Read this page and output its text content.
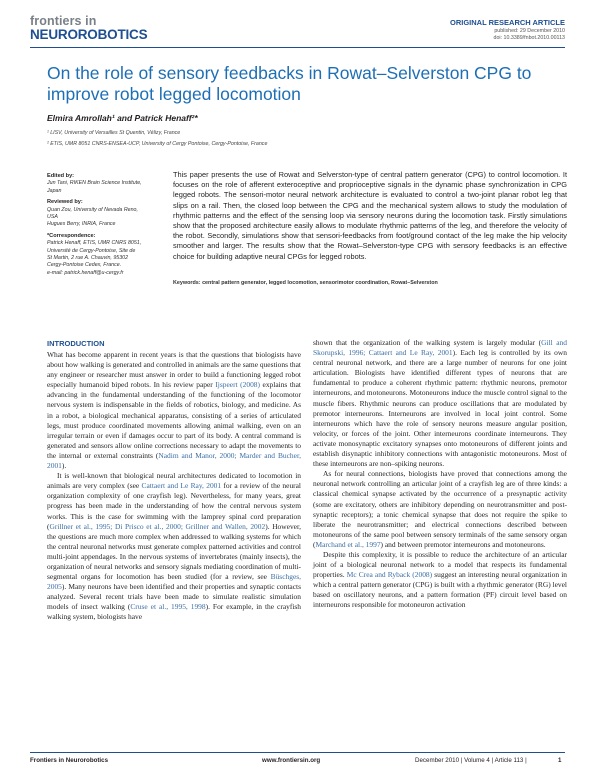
frontiers in
NEUROROBOTICS
ORIGINAL RESEARCH ARTICLE
published: 29 December 2010
doi: 10.3389/fnbot.2010.00113
On the role of sensory feedbacks in Rowat–Selverston CPG to
improve robot legged locomotion
Elmira Amrollah¹ and Patrick Henaff²*
¹ LISV, University of Versailles St Quentin, Vélizy, France
² ETIS, UMR 8051 CNRS-ENSEA-UCP, University of Cergy Pontoise, Cergy-Pontoise, France
Edited by:
Jun Tani, RIKEN Brain Science Institute,
Japan
Reviewed by:
Quan Zou, University of Nevada Reno,
USA
Hugues Berry, INRIA, France
*Correspondence:
Patrick Henaff, ETIS, UMR CNRS 8051,
Université de Cergy-Pontoise, Site de
St Martin, 2 rue A. Chauvin, 95302
Cergy-Pontoise Cedex, France.
e-mail: patrick.henaff@u-cergy.fr
This paper presents the use of Rowat and Selverston-type of central pattern generator (CPG) to control locomotion. It focuses on the role of afferent exteroceptive and proprioceptive signals in the dynamic phase synchronization in CPG legged robots. The sensori-motor neural network architecture is evaluated to control a two-joint planar robot leg that slips on a rail. Then, the closed loop between the CPG and the mechanical system allows to study the modulation of rhythmic patterns and the effect of the sensing loop via sensory neurons during the locomotion task. Firstly simulations show that the proposed architecture easily allows to modulate rhythmic patterns of the leg, and therefore the velocity of the robot. Secondly, simulations show that sensori-feedbacks from foot/ground contact of the leg make the hip velocity smoother and larger. The results show that the Rowat–Selverston-type CPG with sensory feedbacks is an effective choice for building adaptive neural CPGs for legged robots.
Keywords: central pattern generator, legged locomotion, sensorimotor coordination, Rowat–Selverston
INTRODUCTION

What has become apparent in recent years is that the questions that biologists have about how walking is generated and controlled in animals are the same questions that any engineer or researcher must answer in order to build a functioning legged robot especially humanoid biped robots. In his review paper Ijspeert (2008) explains that advancing in the fundamental understanding of the functioning of the locomotor nervous system is indispensable in the fields of robotics, biology, and medicine. As in a robot, a biological mechanical apparatus, consisting of a series of articulated legs, must produce coordinated movements allowing animal walking, even on an irregular terrain or even if damages occur to part of its body. A central command is generated and sensors allow online corrections necessary to adapt the movements to the internal or external constraints (Nadim and Manor, 2000; Marder and Bucher, 2001).

It is well-known that biological neural architectures dedicated to locomotion in animals are very complex (see Cattaert and Le Ray, 2001 for a review of the neural organization complexity of one crayfish leg). Nevertheless, for many years, great progress has been made in the understanding of how the central nervous system works. This is the case for swimming with the lamprey spinal cord preparation (Grillner et al., 1995; Di Prisco et al., 2000; Grillner and Wallen, 2002). However, the questions are much more complex when addressed to walking systems for which the central neuronal networks must generate complex patterned activities and control multi-joint appendages. In the nervous systems of invertebrates (mainly insects), the organization of neural networks and sensory signals mediating coordination of multi-segmental organs for locomotion has been studied (for a review, see Büschges, 2005). Many neurons have been identified and their properties and synaptic contacts analyzed. Several recent trials have been made to simulate realistic simulation models of insect walking (Cruse et al., 1995, 1998). For example, in the crayfish walking system, biologists have

shown that the organization of the walking system is largely modular (Gill and Skorupski, 1996; Cattaert and Le Ray, 2001). Each leg is controlled by its own central neuronal network, and there are a large number of neurons for one joint articulation. Biologists have identified different types of neurons that are fundamental to produce a coherent rhythmic pattern: rhythmic neurons, premotor interneurons, and motoneurons. Motoneurons induce the muscle control signal to the muscle fibers. Rhythmic neurons can produce oscillations that are modulated by premotor interneurons. Interneurons are involved in local joint control. Some interneurons which have the role of sensory neurons measure angular position, velocity, or forces of the joint. Other interneurons coordinate interneurons. They activate monosynaptic excitatory synapses onto motoneurons of different joints and establish disynaptic inhibitory connections with antagonistic motoneurons. Most of these interneurons are non–spiking neurons.

As for neural connections, biologists have proved that connections among the neuronal network controlling an articular joint of a crayfish leg are of three kinds: a classical chemical synapse activated by the occurrence of a presynaptic activity (some are excitatory, others are inhibitory depending on neurotransmitter and post-synaptic receptors); a tonic chemical synapse that does not require the spike to liberate the neurotransmitter; and electrical connections described between motoneurons of the same pool between sensory terminals of the same sensory organ (Marchand et al., 1997) and between premotor interneurons and motoneurons.

Despite this complexity, it is possible to reduce the architecture of an articular joint of a biological neuronal network to a model that respects its fundamental properties. Mc Crea and Ryback (2008) suggest an interesting neural organization in which a central pattern generator (CPG) is built with a rhythmic generator (RG) level based on oscillatory neurons, and a pattern formation (PF) circuit level based on interneurons responsible for motoneuron activation

Frontiers in Neurorobotics	www.frontiersin.org	December 2010 | Volume 4 | Article 113 |	1
